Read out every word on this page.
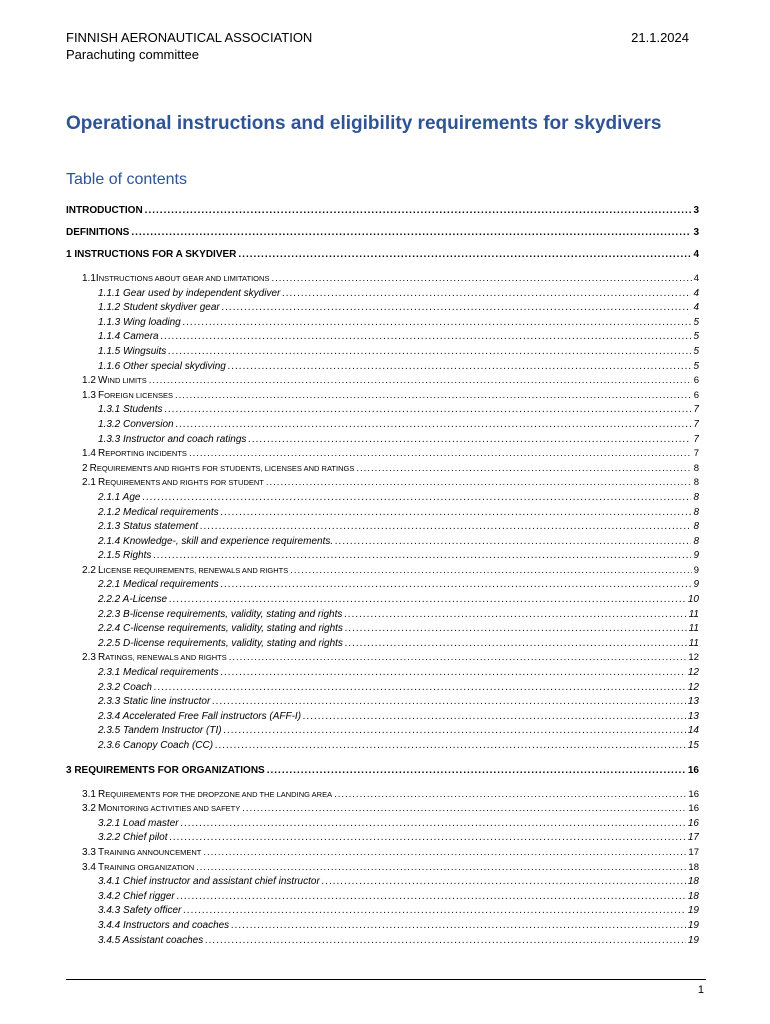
FINNISH AERONAUTICAL ASSOCIATION
Parachuting committee
21.1.2024
Operational instructions and eligibility requirements for skydivers
Table of contents
INTRODUCTION .....	3
DEFINITIONS .....	3
1 INSTRUCTIONS FOR A SKYDIVER .....	4
1.1 INSTRUCTIONS ABOUT GEAR AND LIMITATIONS .....	4
1.1.1 Gear used by independent skydiver .....	4
1.1.2 Student skydiver gear .....	4
1.1.3 Wing loading .....	5
1.1.4 Camera .....	5
1.1.5 Wingsuits .....	5
1.1.6 Other special skydiving .....	5
1.2 WIND LIMITS .....	6
1.3 FOREIGN LICENSES .....	6
1.3.1 Students .....	7
1.3.2 Conversion .....	7
1.3.3 Instructor and coach ratings .....	7
1.4 REPORTING INCIDENTS .....	7
2 REQUIREMENTS AND RIGHTS FOR STUDENTS, LICENSES AND RATINGS .....	8
2.1 REQUIREMENTS AND RIGHTS FOR STUDENT .....	8
2.1.1 Age .....	8
2.1.2 Medical requirements .....	8
2.1.3 Status statement .....	8
2.1.4 Knowledge-, skill and experience requirements. .....	8
2.1.5 Rights .....	9
2.2 LICENSE REQUIREMENTS, RENEWALS AND RIGHTS .....	9
2.2.1 Medical requirements .....	9
2.2.2 A-License .....	10
2.2.3 B-license requirements, validity, stating and rights .....	11
2.2.4 C-license requirements, validity, stating and rights .....	11
2.2.5 D-license requirements, validity, stating and rights .....	11
2.3 RATINGS, RENEWALS AND RIGHTS .....	12
2.3.1 Medical requirements .....	12
2.3.2 Coach .....	12
2.3.3 Static line instructor .....	13
2.3.4 Accelerated Free Fall instructors (AFF-I) .....	13
2.3.5 Tandem Instructor (TI) .....	14
2.3.6 Canopy Coach (CC) .....	15
3 REQUIREMENTS FOR ORGANIZATIONS .....	16
3.1 REQUIREMENTS FOR THE DROPZONE AND THE LANDING AREA .....	16
3.2 MONITORING ACTIVITIES AND SAFETY .....	16
3.2.1 Load master .....	16
3.2.2 Chief pilot .....	17
3.3 TRAINING ANNOUNCEMENT .....	17
3.4 TRAINING ORGANIZATION .....	18
3.4.1 Chief instructor and assistant chief instructor .....	18
3.4.2 Chief rigger .....	18
3.4.3 Safety officer .....	19
3.4.4 Instructors and coaches .....	19
3.4.5 Assistant coaches .....	19
1
